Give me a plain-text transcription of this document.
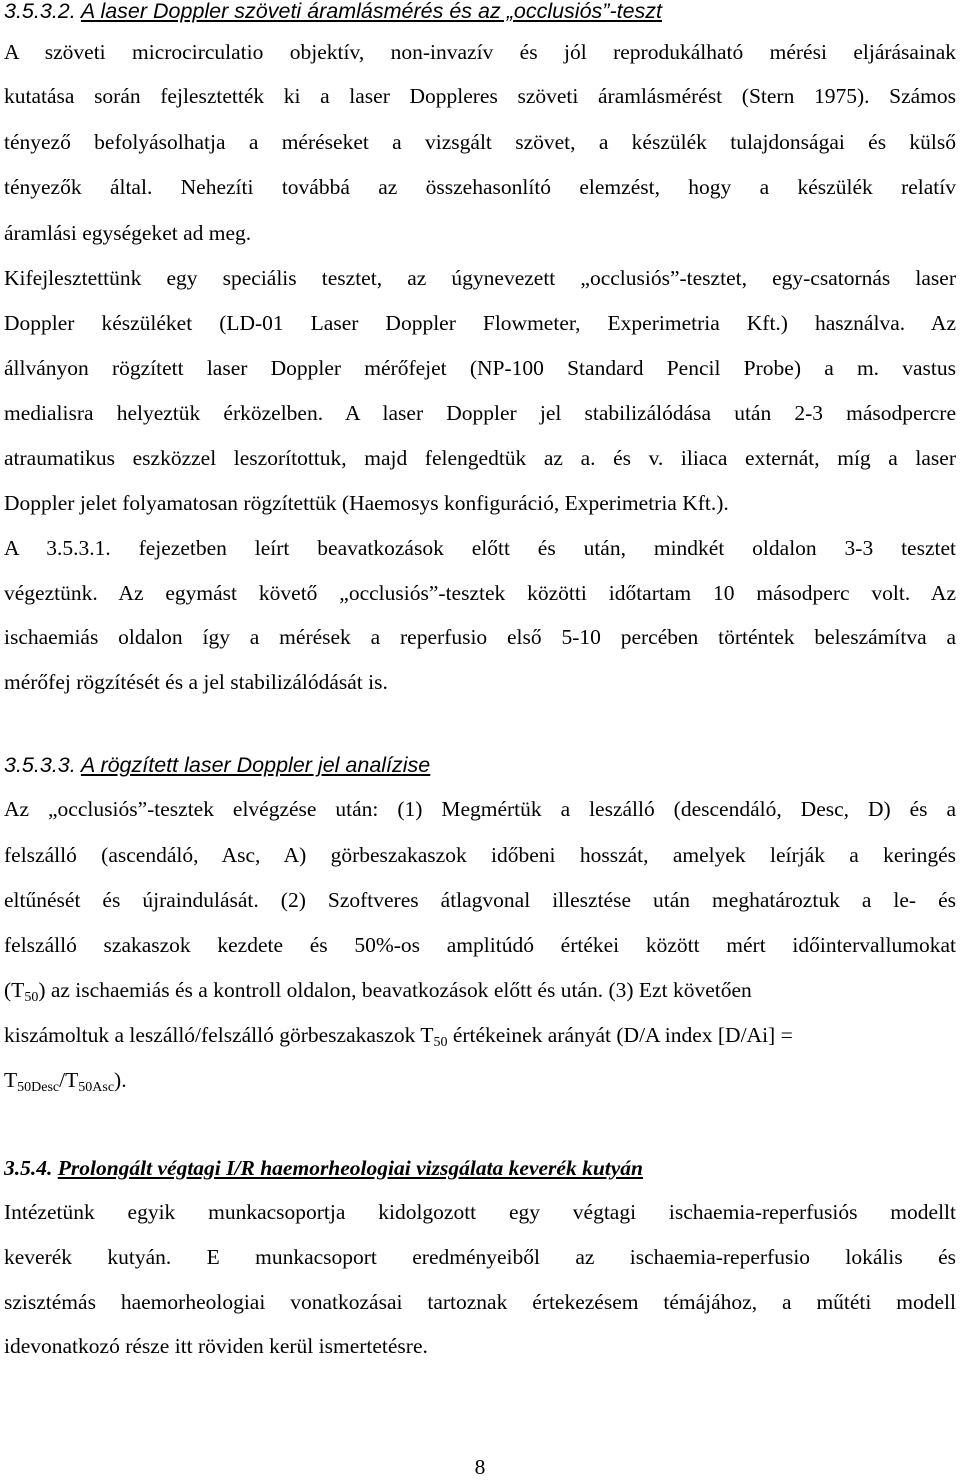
3.5.3.2. A laser Doppler szöveti áramlásmérés és az „occlusiós”-teszt
A szöveti microcirculatio objektív, non-invazív és jól reprodukálható mérési eljárásainak
kutatása során fejlesztették ki a laser Doppleres szöveti áramlásmérést (Stern 1975). Számos
tényező befolyásolhatja a méréseket a vizsgált szövet, a készülék tulajdonságai és külső
tényezők által. Nehezíti továbbá az összehasonlító elemzést, hogy a készülék relatív
áramlási egységeket ad meg.
Kifejlesztettünk egy speciális tesztet, az úgynevezett „occlusiós”-tesztet, egy-csatornás laser
Doppler készüléket (LD-01 Laser Doppler Flowmeter, Experimetria Kft.) használva. Az
állványon rögzített laser Doppler mérőfejet (NP-100 Standard Pencil Probe) a m. vastus
medialisra helyeztük érközelben. A laser Doppler jel stabilizálódása után 2-3 másodpercre
atraumatikus eszközzel leszorítottuk, majd felengedtük az a. és v. iliaca externát, míg a laser
Doppler jelet folyamatosan rögzítettük (Haemosys konfiguráció, Experimetria Kft.).
A 3.5.3.1. fejezetben leírt beavatkozások előtt és után, mindkét oldalon 3-3 tesztet
végeztünk. Az egymást követő „occlusiós”-tesztek közötti időtartam 10 másodperc volt. Az
ischaemiás oldalon így a mérések a reperfusio első 5-10 percében történtek beleszámítva a
mérőfej rögzítését és a jel stabilizálódását is.
3.5.3.3. A rögzített laser Doppler jel analízise
Az „occlusiós”-tesztek elvégzése után: (1) Megmértük a leszálló (descendáló, Desc, D) és a
felszálló (ascendáló, Asc, A) görbeszakaszok időbeni hosszát, amelyek leírják a keringés
eltűnését és újraindulását. (2) Szoftveres átlagvonal illesztése után meghatároztuk a le- és
felszálló szakaszok kezdete és 50%-os amplitúdó értékei között mért időintervallumokat
$(T_{50})$ az ischaemiás és a kontroll oldalon, beavatkozások előtt és után. (3) Ezt követően
kiszámoltuk a leszálló/felszálló görbeszakaszok $T_{50}$ értékeinek arányát (D/A index [D/Ai] =
$T_{50Desc}/T_{50Asc}$).
3.5.4. Prolongált végtagi I/R haemorheologiai vizsgálata keverék kutyán
Intézetünk egyik munkacsoportja kidolgozott egy végtagi ischaemia-reperfusiós modellt
keverék kutyán. E munkacsoport eredményeiből az ischaemia-reperfusio lokális és
szisztémás haemorheologiai vonatkozásai tartoznak értekezésem témájához, a műtéti modell
idevonatkozó része itt röviden kerül ismertetésre.
8
